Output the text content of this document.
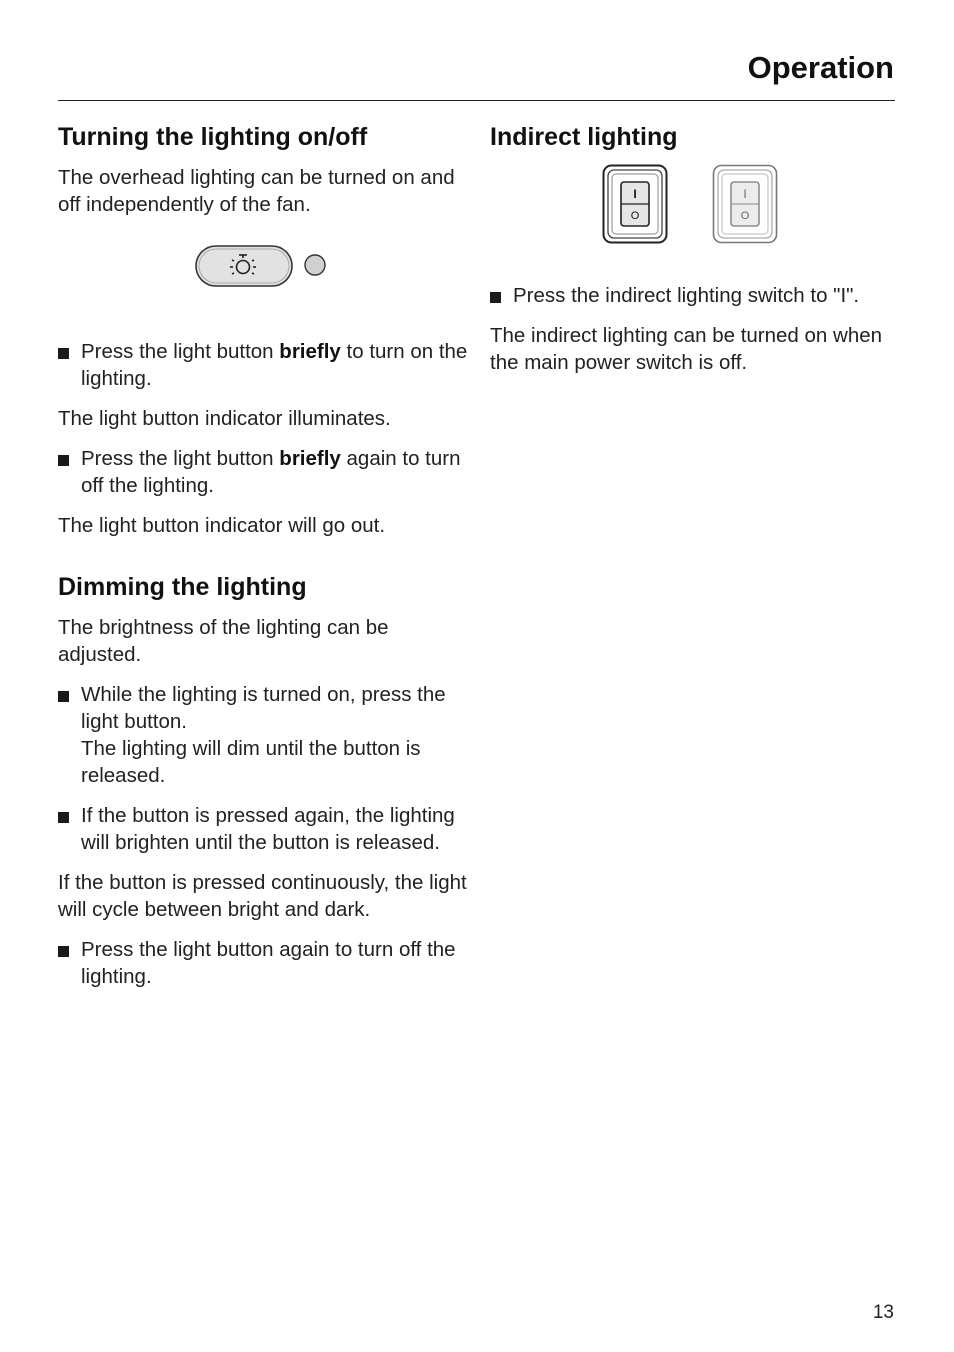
Operation
Turning the lighting on/off

The overhead lighting can be turned on and off independently of the fan.

Press the light button briefly to turn on the lighting.

The light button indicator illuminates.

Press the light button briefly again to turn off the lighting.

The light button indicator will go out.

Dimming the lighting

The brightness of the lighting can be adjusted.

While the lighting is turned on, press the light button.
The lighting will dim until the button is released.
If the button is pressed again, the lighting will brighten until the button is released.

If the button is pressed continuously, the light will cycle between bright and dark.

Press the light button again to turn off the lighting.
Indirect lighting
I
O
I
O
Press the indirect lighting switch to "I".

The indirect lighting can be turned on when the main power switch is off.

13
